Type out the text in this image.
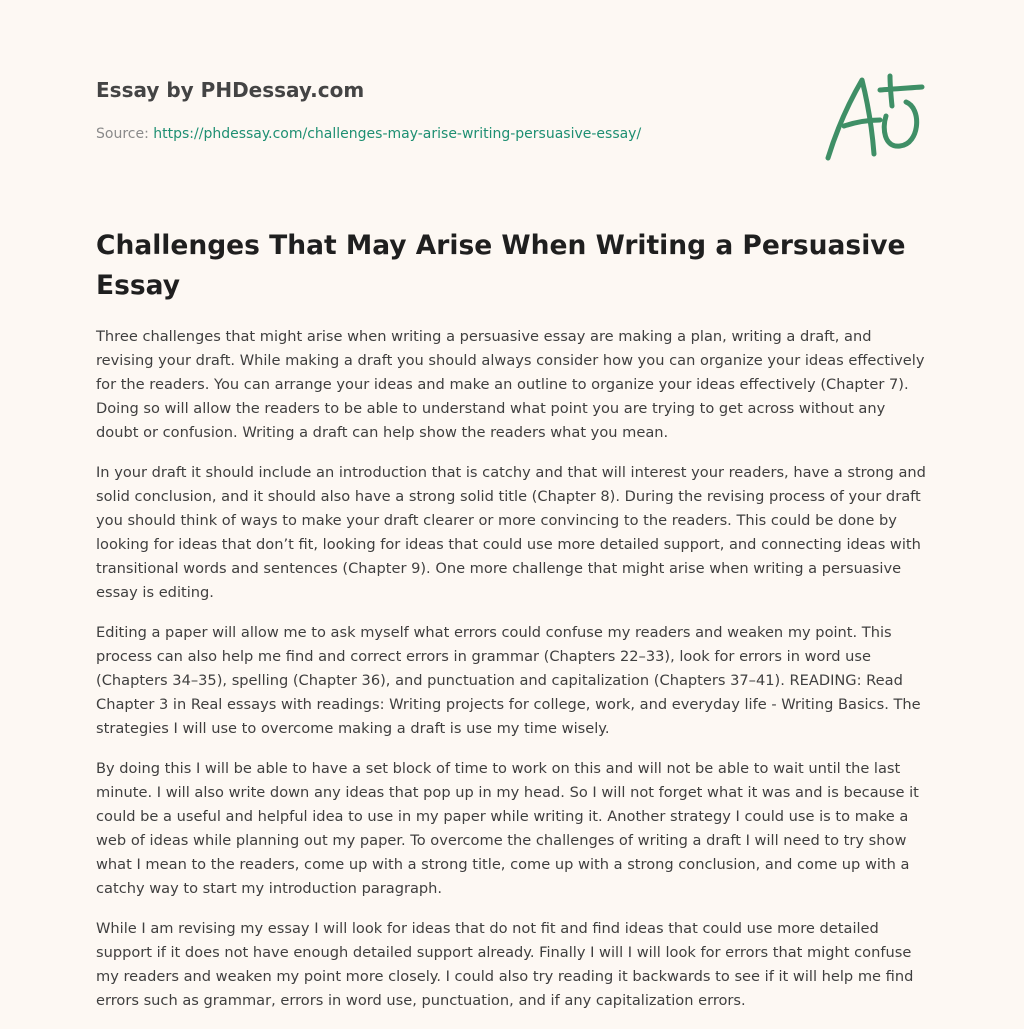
Essay by PHDessay.com
Source: https://phdessay.com/challenges-may-arise-writing-persuasive-essay/
Challenges That May Arise When Writing a Persuasive Essay

Three challenges that might arise when writing a persuasive essay are making a plan, writing a draft, and revising your draft. While making a draft you should always consider how you can organize your ideas effectively for the readers. You can arrange your ideas and make an outline to organize your ideas effectively (Chapter 7). Doing so will allow the readers to be able to understand what point you are trying to get across without any doubt or confusion. Writing a draft can help show the readers what you mean.

In your draft it should include an introduction that is catchy and that will interest your readers, have a strong and solid conclusion, and it should also have a strong solid title (Chapter 8). During the revising process of your draft you should think of ways to make your draft clearer or more convincing to the readers. This could be done by looking for ideas that don’t fit, looking for ideas that could use more detailed support, and connecting ideas with transitional words and sentences (Chapter 9). One more challenge that might arise when writing a persuasive essay is editing.

Editing a paper will allow me to ask myself what errors could confuse my readers and weaken my point. This process can also help me find and correct errors in grammar (Chapters 22–33), look for errors in word use (Chapters 34–35), spelling (Chapter 36), and punctuation and capitalization (Chapters 37–41). READING: Read Chapter 3 in Real essays with readings: Writing projects for college, work, and everyday life - Writing Basics. The strategies I will use to overcome making a draft is use my time wisely.

By doing this I will be able to have a set block of time to work on this and will not be able to wait until the last minute. I will also write down any ideas that pop up in my head. So I will not forget what it was and is because it could be a useful and helpful idea to use in my paper while writing it. Another strategy I could use is to make a web of ideas while planning out my paper. To overcome the challenges of writing a draft I will need to try show what I mean to the readers, come up with a strong title, come up with a strong conclusion, and come up with a catchy way to start my introduction paragraph.

While I am revising my essay I will look for ideas that do not fit and find ideas that could use more detailed support if it does not have enough detailed support already. Finally I will I will look for errors that might confuse my readers and weaken my point more closely. I could also try reading it backwards to see if it will help me find errors such as grammar, errors in word use, punctuation, and if any capitalization errors.
